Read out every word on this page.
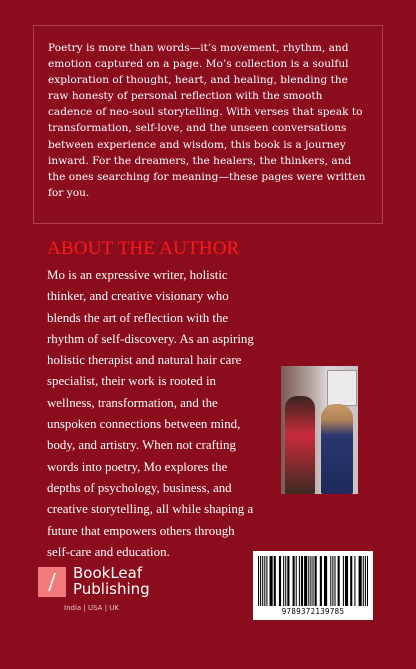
Poetry is more than words—it’s movement, rhythm, and emotion captured on a page. Mo’s collection is a soulful exploration of thought, heart, and healing, blending the raw honesty of personal reflection with the smooth cadence of neo-soul storytelling. With verses that speak to transformation, self-love, and the unseen conversations between experience and wisdom, this book is a journey inward. For the dreamers, the healers, the thinkers, and the ones searching for meaning—these pages were written for you.

ABOUT THE AUTHOR

Mo is an expressive writer, holistic thinker, and creative visionary who blends the art of reflection with the rhythm of self-discovery. As an aspiring holistic therapist and natural hair care specialist, their work is rooted in wellness, transformation, and the unspoken connections between mind, body, and artistry. When not crafting words into poetry, Mo explores the depths of psychology, business, and creative storytelling, all while shaping a future that empowers others through self-care and education.

BookLeaf
Publishing
India | USA | UK	9789372139785
